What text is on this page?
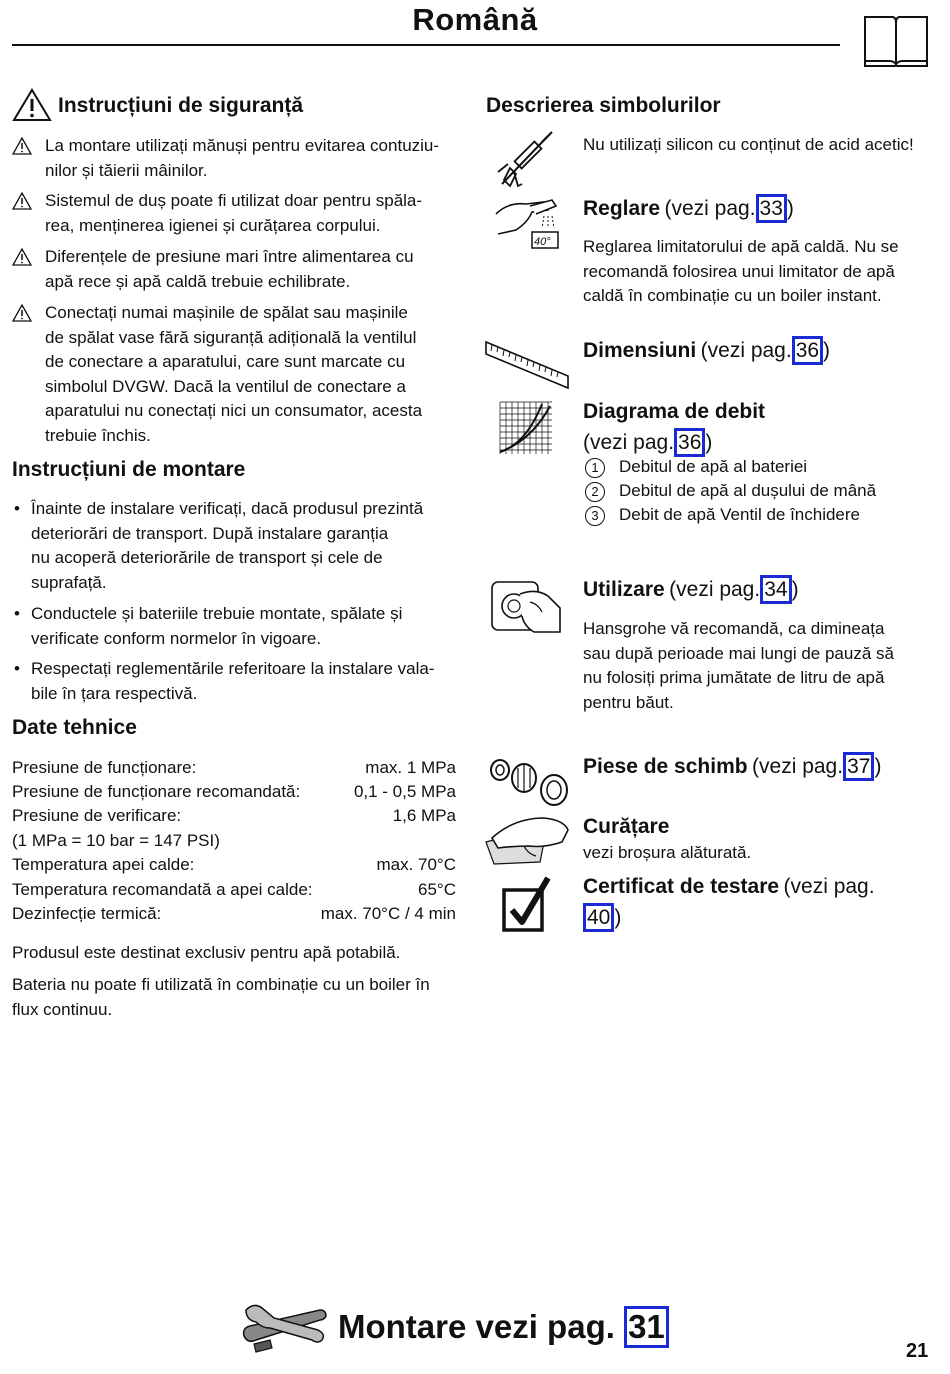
Română
Instrucțiuni de siguranță
La montare utilizați mănuși pentru evitarea contuziu-
nilor și tăierii mâinilor.
Sistemul de duș poate fi utilizat doar pentru spăla-
rea, menținerea igienei și curățarea corpului.
Diferențele de presiune mari între alimentarea cu
apă rece și apă caldă trebuie echilibrate.
Conectați numai mașinile de spălat sau mașinile
de spălat vase fără siguranță adițională la ventilul
de conectare a aparatului, care sunt marcate cu
simbolul DVGW. Dacă la ventilul de conectare a
aparatului nu conectați nici un consumator, acesta
trebuie închis.
Instrucțiuni de montare
• Înainte de instalare verificați, dacă produsul prezintă
deteriorări de transport. După instalare garanția
nu acoperă deteriorările de transport și cele de
suprafață.
• Conductele și bateriile trebuie montate, spălate și
verificate conform normelor în vigoare.
• Respectați reglementările referitoare la instalare vala-
bile în țara respectivă.
Date tehnice
Presiune de funcționare:	max. 1 MPa
Presiune de funcționare recomandată:	0,1 - 0,5 MPa
Presiune de verificare:	1,6 MPa
(1 MPa = 10 bar = 147 PSI)
Temperatura apei calde:	max. 70°C
Temperatura recomandată a apei calde:	65°C
Dezinfecție termică:	max. 70°C / 4 min
Produsul este destinat exclusiv pentru apă potabilă.
Bateria nu poate fi utilizată în combinație cu un boiler în
flux continuu.
Descrierea simbolurilor
Nu utilizați silicon cu conținut de acid acetic!
40°
Reglare (vezi pag. 33 )
Reglarea limitatorului de apă caldă. Nu se
recomandă folosirea unui limitator de apă
caldă în combinație cu un boiler instant.
Dimensiuni (vezi pag. 36 )
Diagrama de debit
(vezi pag. 36 )
1 Debitul de apă al bateriei
2 Debitul de apă al dușului de mână
3 Debit de apă Ventil de închidere
Utilizare (vezi pag. 34 )
Hansgrohe vă recomandă, ca dimineața
sau după perioade mai lungi de pauză să
nu folosiți prima jumătate de litru de apă
pentru băut.
Piese de schimb (vezi pag. 37 )
Curățare
vezi broșura alăturată.
Certificat de testare (vezi pag.
40 )
Montare vezi pag. 31
21
